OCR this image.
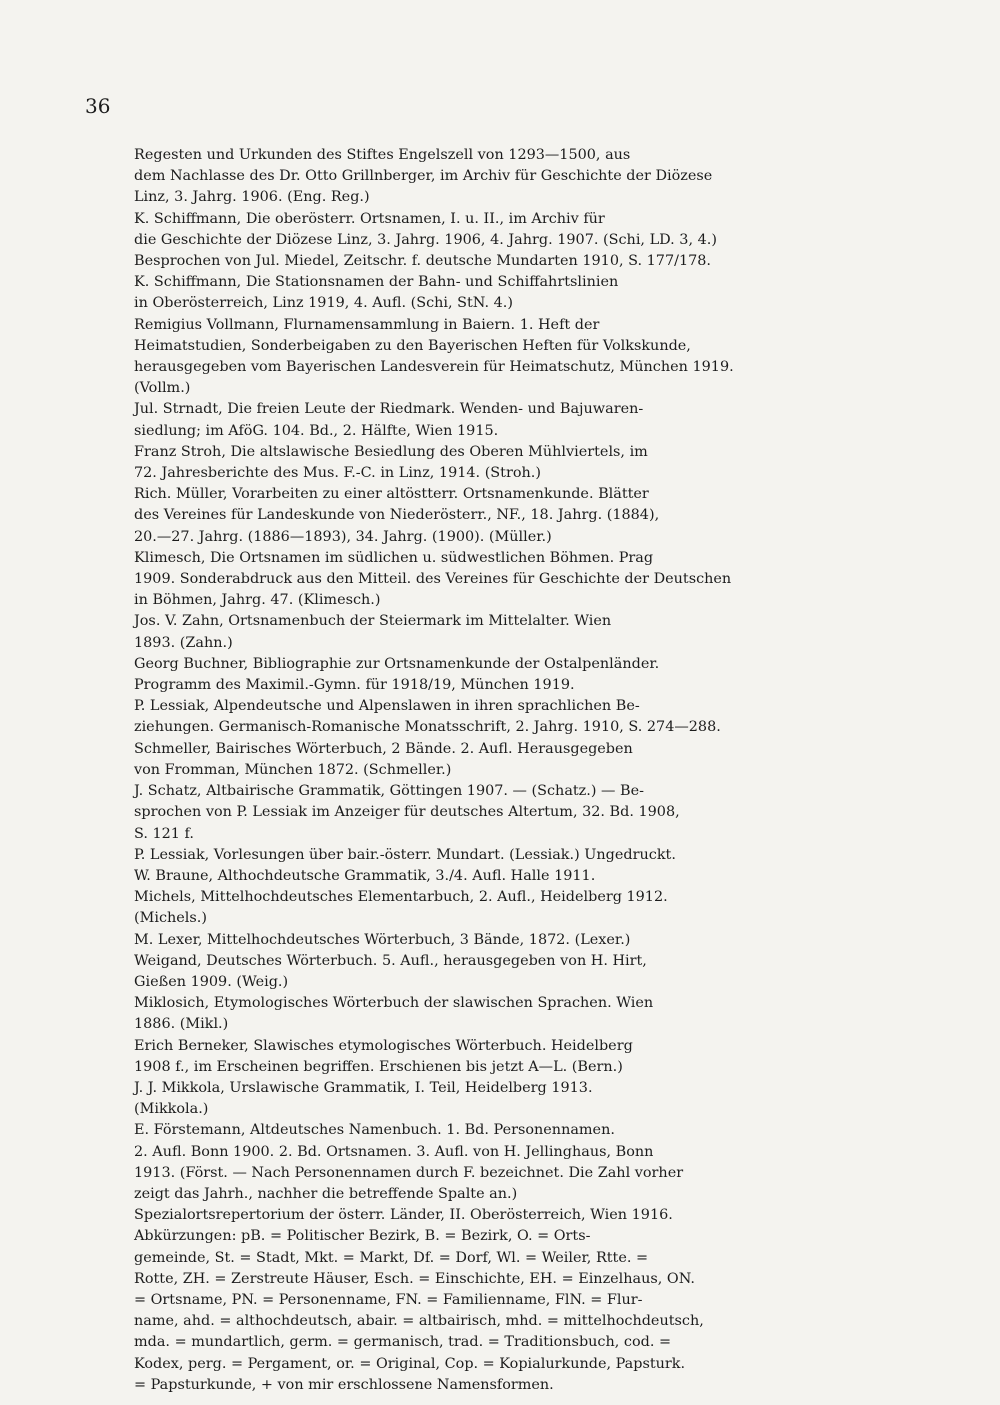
36

Regesten und Urkunden des Stiftes Engelszell von 1293—1500, aus
dem Nachlasse des Dr. Otto Grillnberger, im Archiv für Geschichte der Diözese
Linz, 3. Jahrg. 1906. (Eng. Reg.)

K. Schiffmann, Die oberösterr. Ortsnamen, I. u. II., im Archiv für
die Geschichte der Diözese Linz, 3. Jahrg. 1906, 4. Jahrg. 1907. (Schi, LD. 3, 4.)
Besprochen von Jul. Miedel, Zeitschr. f. deutsche Mundarten 1910, S. 177/178.

K. Schiffmann, Die Stationsnamen der Bahn- und Schiffahrtslinien
in Oberösterreich, Linz 1919, 4. Aufl. (Schi, StN. 4.)

Remigius Vollmann, Flurnamensammlung in Baiern. 1. Heft der
Heimatstudien, Sonderbeigaben zu den Bayerischen Heften für Volkskunde,
herausgegeben vom Bayerischen Landesverein für Heimatschutz, München 1919.
(Vollm.)

Jul. Strnadt, Die freien Leute der Riedmark. Wenden- und Bajuwaren-
siedlung; im AföG. 104. Bd., 2. Hälfte, Wien 1915.

Franz Stroh, Die altslawische Besiedlung des Oberen Mühlviertels, im
72. Jahresberichte des Mus. F.-C. in Linz, 1914. (Stroh.)

Rich. Müller, Vorarbeiten zu einer altöstterr. Ortsnamenkunde. Blätter
des Vereines für Landeskunde von Niederösterr., NF., 18. Jahrg. (1884),
20.—27. Jahrg. (1886—1893), 34. Jahrg. (1900). (Müller.)

Klimesch, Die Ortsnamen im südlichen u. südwestlichen Böhmen. Prag
1909. Sonderabdruck aus den Mitteil. des Vereines für Geschichte der Deutschen
in Böhmen, Jahrg. 47. (Klimesch.)

Jos. V. Zahn, Ortsnamenbuch der Steiermark im Mittelalter. Wien
1893. (Zahn.)

Georg Buchner, Bibliographie zur Ortsnamenkunde der Ostalpenländer.
Programm des Maximil.-Gymn. für 1918/19, München 1919.

P. Lessiak, Alpendeutsche und Alpenslawen in ihren sprachlichen Be-
ziehungen. Germanisch-Romanische Monatsschrift, 2. Jahrg. 1910, S. 274—288.

Schmeller, Bairisches Wörterbuch, 2 Bände. 2. Aufl. Herausgegeben
von Fromman, München 1872. (Schmeller.)

J. Schatz, Altbairische Grammatik, Göttingen 1907. — (Schatz.) — Be-
sprochen von P. Lessiak im Anzeiger für deutsches Altertum, 32. Bd. 1908,
S. 121 f.

P. Lessiak, Vorlesungen über bair.-österr. Mundart. (Lessiak.) Ungedruckt.

W. Braune, Althochdeutsche Grammatik, 3./4. Aufl. Halle 1911.

Michels, Mittelhochdeutsches Elementarbuch, 2. Aufl., Heidelberg 1912.
(Michels.)

M. Lexer, Mittelhochdeutsches Wörterbuch, 3 Bände, 1872. (Lexer.)

Weigand, Deutsches Wörterbuch. 5. Aufl., herausgegeben von H. Hirt,
Gießen 1909. (Weig.)

Miklosich, Etymologisches Wörterbuch der slawischen Sprachen. Wien
1886. (Mikl.)

Erich Berneker, Slawisches etymologisches Wörterbuch. Heidelberg
1908 f., im Erscheinen begriffen. Erschienen bis jetzt A—L. (Bern.)

J. J. Mikkola, Urslawische Grammatik, I. Teil, Heidelberg 1913.
(Mikkola.)

E. Förstemann, Altdeutsches Namenbuch. 1. Bd. Personennamen.
2. Aufl. Bonn 1900. 2. Bd. Ortsnamen. 3. Aufl. von H. Jellinghaus, Bonn
1913. (Först. — Nach Personennamen durch F. bezeichnet. Die Zahl vorher
zeigt das Jahrh., nachher die betreffende Spalte an.)

Spezialortsrepertorium der österr. Länder, II. Oberösterreich, Wien 1916.

Abkürzungen: pB. = Politischer Bezirk, B. = Bezirk, O. = Orts-
gemeinde, St. = Stadt, Mkt. = Markt, Df. = Dorf, Wl. = Weiler, Rtte. =
Rotte, ZH. = Zerstreute Häuser, Esch. = Einschichte, EH. = Einzelhaus, ON.
= Ortsname, PN. = Personenname, FN. = Familienname, FlN. = Flur-
name, ahd. = althochdeutsch, abair. = altbairisch, mhd. = mittelhochdeutsch,
mda. = mundartlich, germ. = germanisch, trad. = Traditionsbuch, cod. =
Kodex, perg. = Pergament, or. = Original, Cop. = Kopialurkunde, Papsturk.
= Papsturkunde, + von mir erschlossene Namensformen.
